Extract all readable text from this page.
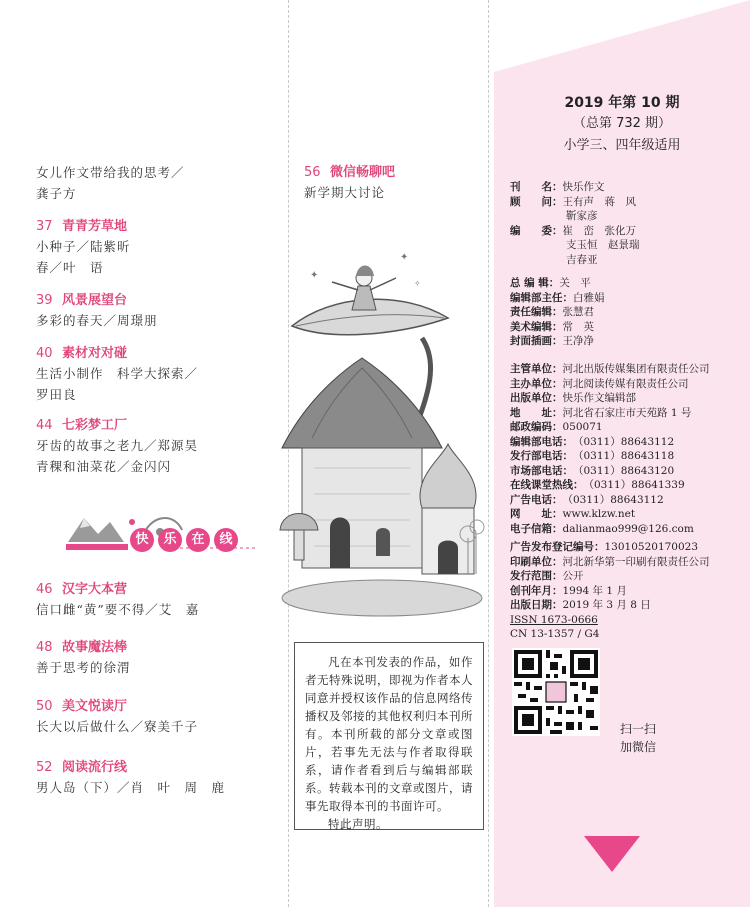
女儿作文带给我的思考／
龚子方
37 青青芳草地
小种子／陆紫昕
春／叶　语
39 风景展望台
多彩的春天／周璟朋
40 素材对对碰
生活小制作　科学大探索／
罗田良
44 七彩梦工厂
牙齿的故事之老九／郑源昊
青稞和油菜花／金闪闪
46 汉字大本营
信口雌“黄”要不得／艾　嘉
48 故事魔法棒
善于思考的徐渭
50 美文悦读厅
长大以后做什么／寮美千子
52 阅读流行线
男人岛（下）／肖　叶　周　鹿
快	乐	在	线
56 微信畅聊吧
新学期大讨论
✦
✦
✧

凡在本刊发表的作品，如作者无特殊说明，即视为作者本人同意并授权该作品的信息网络传播权及邻接的其他权利归本刊所有。本刊所载的部分文章或图片，若事先无法与作者取得联系，请作者看到后与编辑部联系。转载本刊的文章或图片，请事先取得本刊的书面许可。

特此声明。

2019 年第 10 期
（总第 732 期）
小学三、四年级适用
刊　　名：快乐作文
顾　　问：王有声　蒋　风
靳家彦
编　　委：崔　峦　张化万
支玉恒　赵景瑞
吉春亚
总 编 辑：关　平
编辑部主任：白雅娟
责任编辑：张慧君
美术编辑：常　英
封面插画：王净净
主管单位：河北出版传媒集团有限责任公司
主办单位：河北阅读传媒有限责任公司
出版单位：快乐作文编辑部
地　　址：河北省石家庄市天苑路 1 号
邮政编码：050071
编辑部电话：（0311）88643112
发行部电话：（0311）88643118
市场部电话：（0311）88643120
在线课堂热线：（0311）88641339
广告电话：（0311）88643112
网　　址：www.klzw.net
电子信箱：dalianmao999@126.com
广告发布登记编号：13010520170023
印刷单位：河北新华第一印刷有限责任公司
发行范围：公开
创刊年月：1994 年 1 月
出版日期：2019 年 3 月 8 日
ISSN 1673-0666
CN 13-1357 / G4
扫一扫
加微信
